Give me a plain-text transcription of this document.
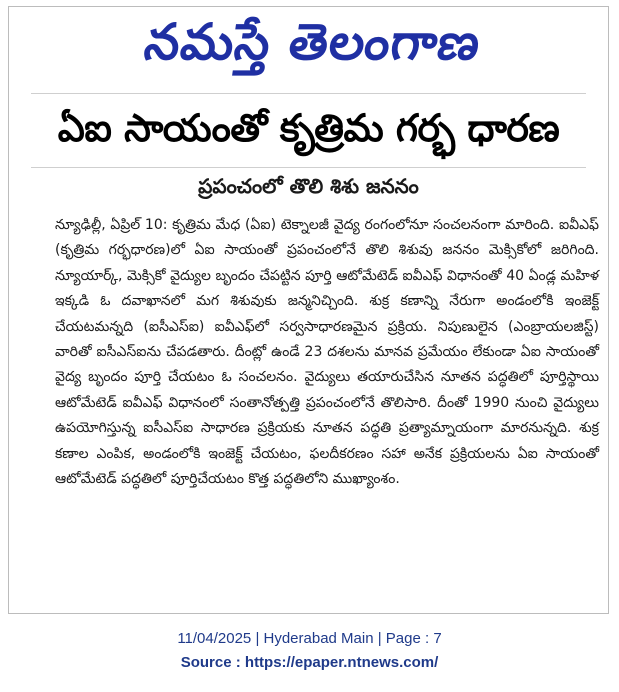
నమస్తే తెలంగాణ
ఏఐ సాయంతో కృత్రిమ గర్భ ధారణ
ప్రపంచంలో తొలి శిశు జననం

న్యూఢిల్లీ, ఏప్రిల్ 10: కృత్రిమ మేధ (ఏఐ) టెక్నాలజీ వైద్య రంగంలోనూ సంచలనంగా మారింది. ఐవీఎఫ్ (కృత్రిమ గర్భధారణ)లో ఏఐ సాయంతో ప్రపంచంలోనే తొలి శిశువు జననం మెక్సికోలో జరిగింది. న్యూయార్క్, మెక్సికో వైద్యుల బృందం చేపట్టిన పూర్తి ఆటోమేటెడ్ ఐవీఎఫ్ విధానంతో 40 ఏండ్ల మహిళ ఇక్కడి ఓ దవాఖానలో మగ శిశువుకు జన్మనిచ్చింది. శుక్ర కణాన్ని నేరుగా అండంలోకి ఇంజెక్ట్ చేయటమన్నది (ఐసీఎస్ఐ) ఐవీఎఫ్‌లో సర్వసాధారణమైన ప్రక్రియ. నిపుణులైన (ఎంబ్రాయలజిస్ట్) వారితో ఐసీఎస్ఐను చేపడతారు. దీంట్లో ఉండే 23 దశలను మానవ ప్రమేయం లేకుండా ఏఐ సాయంతో వైద్య బృందం పూర్తి చేయటం ఓ సంచలనం. వైద్యులు తయారుచేసిన నూతన పద్ధతిలో పూర్తిస్థాయి ఆటోమేటెడ్ ఐవీఎఫ్ విధానంలో సంతానోత్పత్తి ప్రపంచంలోనే తొలిసారి. దీంతో 1990 నుంచి వైద్యులు ఉపయోగిస్తున్న ఐసీఎస్ఐ సాధారణ ప్రక్రియకు నూతన పద్ధతి ప్రత్యామ్నాయంగా మారనున్నది. శుక్ర కణాల ఎంపిక, అండంలోకి ఇంజెక్ట్ చేయటం, ఫలదీకరణం సహా అనేక ప్రక్రియలను ఏఐ సాయంతో ఆటోమేటెడ్ పద్ధతిలో పూర్తిచేయటం కొత్త పద్ధతిలోని ముఖ్యాంశం.

11/04/2025 | Hyderabad Main | Page : 7
Source : https://epaper.ntnews.com/
